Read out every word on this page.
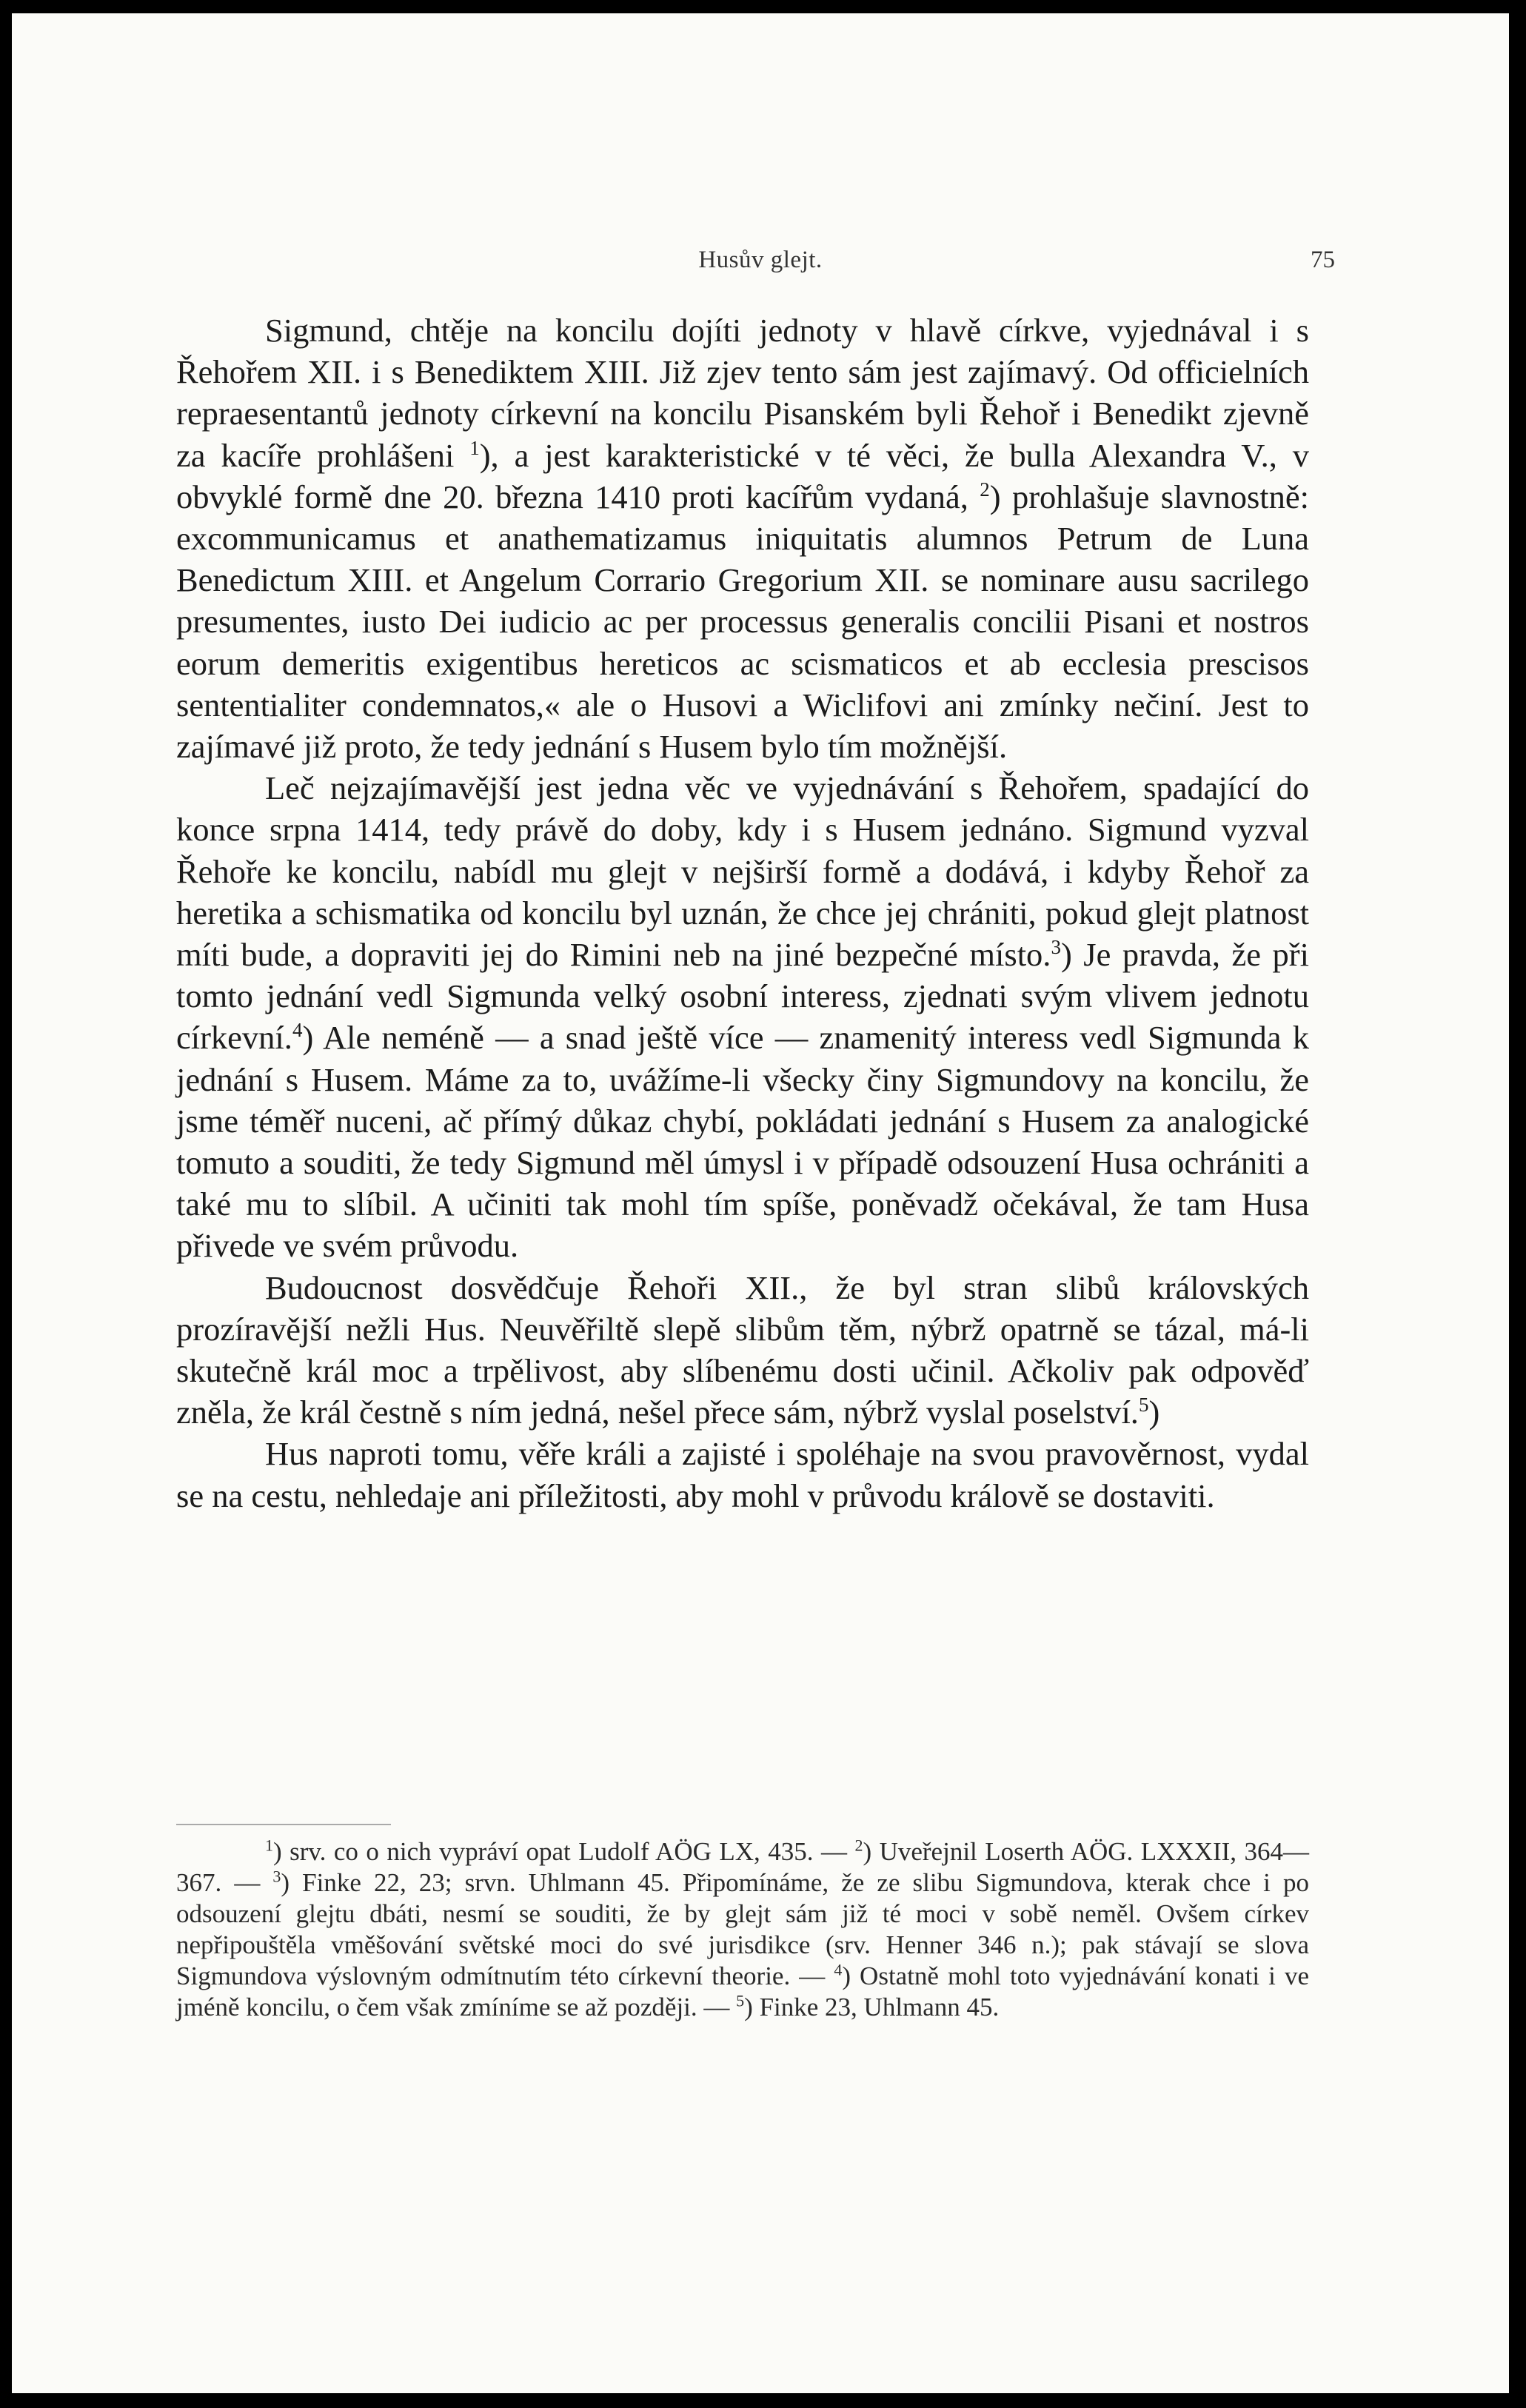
Husův glejt.	75

Sigmund, chtěje na koncilu dojíti jednoty v hlavě církve, vyjednával i s Řehořem XII. i s Benediktem XIII. Již zjev tento sám jest zajímavý. Od officielních repraesentantů jednoty církevní na koncilu Pisanském byli Řehoř i Benedikt zjevně za kacíře prohlášeni $^1$), a jest karakteristické v té věci, že bulla Alexandra V., v obvyklé formě dne 20. března 1410 proti kacířům vydaná, $^2$) prohlašuje slavnostně: excommunicamus et anathematizamus iniquitatis alumnos Petrum de Luna Benedictum XIII. et Angelum Corrario Gregorium XII. se nominare ausu sacrilego presumentes, iusto Dei iudicio ac per processus generalis concilii Pisani et nostros eorum demeritis exigentibus hereticos ac scismaticos et ab ecclesia prescisos sententialiter condemnatos,« ale o Husovi a Wiclifovi ani zmínky nečiní. Jest to zajímavé již proto, že tedy jednání s Husem bylo tím možnější.

Leč nejzajímavější jest jedna věc ve vyjednávání s Řehořem, spadající do konce srpna 1414, tedy právě do doby, kdy i s Husem jednáno. Sigmund vyzval Řehoře ke koncilu, nabídl mu glejt v nejširší formě a dodává, i kdyby Řehoř za heretika a schismatika od koncilu byl uznán, že chce jej chrániti, pokud glejt platnost míti bude, a dopraviti jej do Rimini neb na jiné bezpečné místo.$^3$) Je pravda, že při tomto jednání vedl Sigmunda velký osobní interess, zjednati svým vlivem jednotu církevní.$^4$) Ale neméně — a snad ještě více — znamenitý interess vedl Sigmunda k jednání s Husem. Máme za to, uvážíme-li všecky činy Sigmundovy na koncilu, že jsme téměř nuceni, ač přímý důkaz chybí, pokládati jednání s Husem za analogické tomuto a souditi, že tedy Sigmund měl úmysl i v případě odsouzení Husa ochrániti a také mu to slíbil. A učiniti tak mohl tím spíše, poněvadž očekával, že tam Husa přivede ve svém průvodu.

Budoucnost dosvědčuje Řehoři XII., že byl stran slibů královských prozíravější nežli Hus. Neuvěřiltě slepě slibům těm, nýbrž opatrně se tázal, má-li skutečně král moc a trpělivost, aby slíbenému dosti učinil. Ačkoliv pak odpověď zněla, že král čestně s ním jedná, nešel přece sám, nýbrž vyslal poselství.$^5$)

Hus naproti tomu, věře králi a zajisté i spoléhaje na svou pravověrnost, vydal se na cestu, nehledaje ani příležitosti, aby mohl v průvodu králově se dostaviti.

$^1$) srv. co o nich vypráví opat Ludolf AÖG LX, 435. — $^2$) Uveřejnil Loserth AÖG. LXXXII, 364—367. — $^3$) Finke 22, 23; srvn. Uhlmann 45. Připomínáme, že ze slibu Sigmundova, kterak chce i po odsouzení glejtu dbáti, nesmí se souditi, že by glejt sám již té moci v sobě neměl. Ovšem církev nepřipouštěla vměšování světské moci do své jurisdikce (srv. Henner 346 n.); pak stávají se slova Sigmundova výslovným odmítnutím této církevní theorie. — $^4$) Ostatně mohl toto vyjednávání konati i ve jméně koncilu, o čem však zmíníme se až později. — $^5$) Finke 23, Uhlmann 45.
